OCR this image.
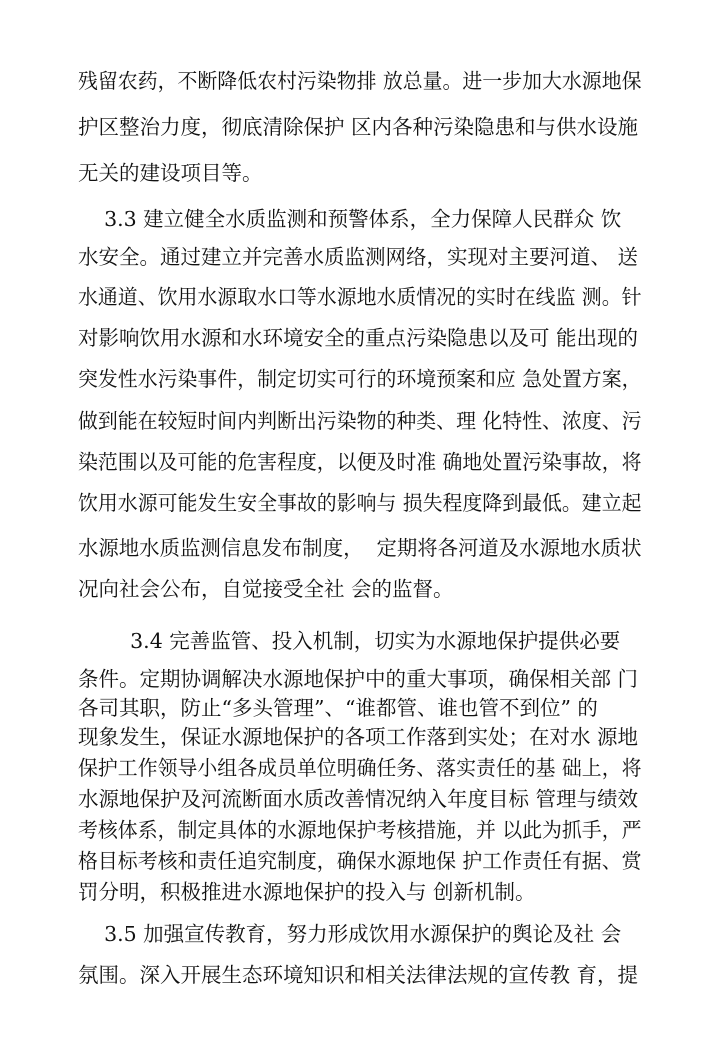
残留农药，不断降低农村污染物排 放总量。进一步加大水源地保
护区整治力度，彻底清除保护 区内各种污染隐患和与供水设施
无关的建设项目等。
3.3 建立健全水质监测和预警体系，全力保障人民群众 饮
水安全。通过建立并完善水质监测网络，实现对主要河道、 送
水通道、饮用水源取水口等水源地水质情况的实时在线监 测。针
对影响饮用水源和水环境安全的重点污染隐患以及可 能出现的
突发性水污染事件，制定切实可行的环境预案和应 急处置方案，
做到能在较短时间内判断出污染物的种类、理 化特性、浓度、污
染范围以及可能的危害程度，以便及时准 确地处置污染事故，将
饮用水源可能发生安全事故的影响与 损失程度降到最低。建立起
水源地水质监测信息发布制度，  定期将各河道及水源地水质状
况向社会公布，自觉接受全社 会的监督。
3.4 完善监管、投入机制，切实为水源地保护提供必要
条件。定期协调解决水源地保护中的重大事项，确保相关部 门
各司其职，防止“多头管理”、“谁都管、谁也管不到位” 的
现象发生，保证水源地保护的各项工作落到实处；在对水 源地
保护工作领导小组各成员单位明确任务、落实责任的基 础上，将
水源地保护及河流断面水质改善情况纳入年度目标 管理与绩效
考核体系，制定具体的水源地保护考核措施，并 以此为抓手，严
格目标考核和责任追究制度，确保水源地保 护工作责任有据、赏
罚分明，积极推进水源地保护的投入与 创新机制。
3.5 加强宣传教育，努力形成饮用水源保护的舆论及社 会
氛围。深入开展生态环境知识和相关法律法规的宣传教 育，提
